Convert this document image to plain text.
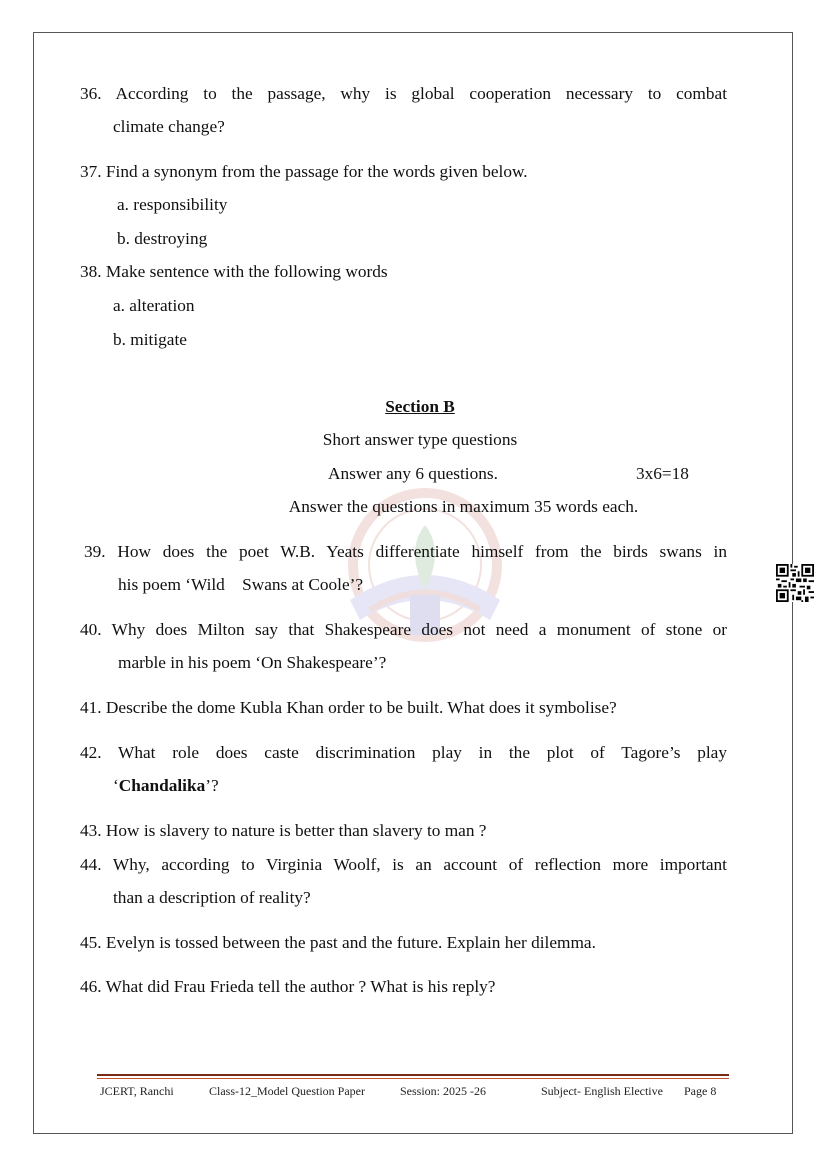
36. According to the passage, why is global cooperation necessary to combat
climate change?
37. Find a synonym from the passage for the words given below.
a. responsibility
b. destroying
38. Make sentence with the following words
a. alteration
b. mitigate
Section B
Short answer type questions
Answer any 6 questions.	3x6=18
Answer the questions in maximum 35 words each.
39. How does the poet W.B. Yeats differentiate himself from the birds swans in
his poem ‘Wild    Swans at Coole’?
40. Why does Milton say that Shakespeare does not need a monument of stone or
marble in his poem ‘On Shakespeare’?
41. Describe the dome Kubla Khan order to be built. What does it symbolise?
42. What role does caste discrimination play in the plot of Tagore’s play
‘Chandalika’?
43. How is slavery to nature is better than slavery to man ?
44. Why, according to Virginia Woolf, is an account of reflection more important
than a description of reality?
45. Evelyn is tossed between the past and the future. Explain her dilemma.
46. What did Frau Frieda tell the author ? What is his reply?
JCERT, Ranchi	Class-12_Model Question Paper	Session: 2025 -26	Subject- English Elective Page 8
